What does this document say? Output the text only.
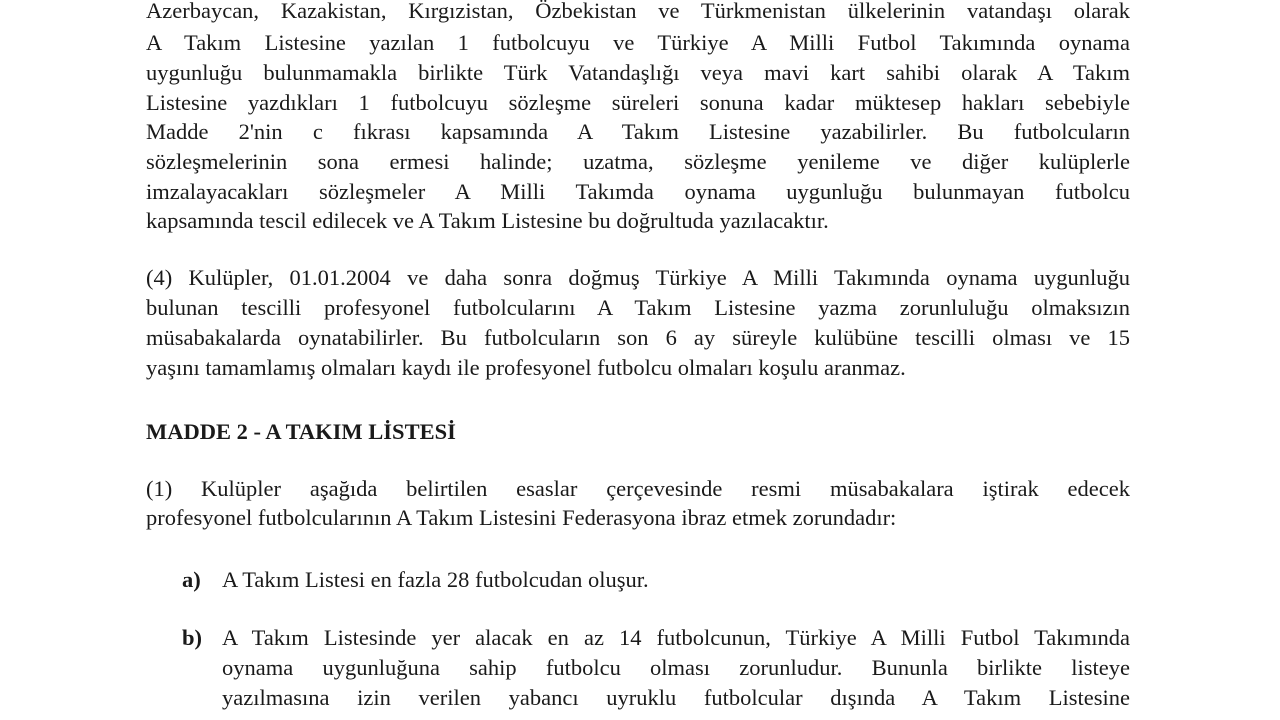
Azerbaycan, Kazakistan, Kırgızistan, Özbekistan ve Türkmenistan ülkelerinin vatandaşı olarak
A Takım Listesine yazılan 1 futbolcuyu ve Türkiye A Milli Futbol Takımında oynama
uygunluğu bulunmamakla birlikte Türk Vatandaşlığı veya mavi kart sahibi olarak A Takım
Listesine yazdıkları 1 futbolcuyu sözleşme süreleri sonuna kadar müktesep hakları sebebiyle
Madde 2'nin c fıkrası kapsamında A Takım Listesine yazabilirler. Bu futbolcuların
sözleşmelerinin sona ermesi halinde; uzatma, sözleşme yenileme ve diğer kulüplerle
imzalayacakları sözleşmeler A Milli Takımda oynama uygunluğu bulunmayan futbolcu
kapsamında tescil edilecek ve A Takım Listesine bu doğrultuda yazılacaktır.
(4) Kulüpler, 01.01.2004 ve daha sonra doğmuş Türkiye A Milli Takımında oynama uygunluğu
bulunan tescilli profesyonel futbolcularını A Takım Listesine yazma zorunluluğu olmaksızın
müsabakalarda oynatabilirler. Bu futbolcuların son 6 ay süreyle kulübüne tescilli olması ve 15
yaşını tamamlamış olmaları kaydı ile profesyonel futbolcu olmaları koşulu aranmaz.
MADDE 2 - A TAKIM LİSTESİ
(1) Kulüpler aşağıda belirtilen esaslar çerçevesinde resmi müsabakalara iştirak edecek
profesyonel futbolcularının A Takım Listesini Federasyona ibraz etmek zorundadır:
a) A Takım Listesi en fazla 28 futbolcudan oluşur.
b) A Takım Listesinde yer alacak en az 14 futbolcunun, Türkiye A Milli Futbol Takımında
oynama uygunluğuna sahip futbolcu olması zorunludur. Bununla birlikte listeye
yazılmasına izin verilen yabancı uyruklu futbolcular dışında A Takım Listesine
